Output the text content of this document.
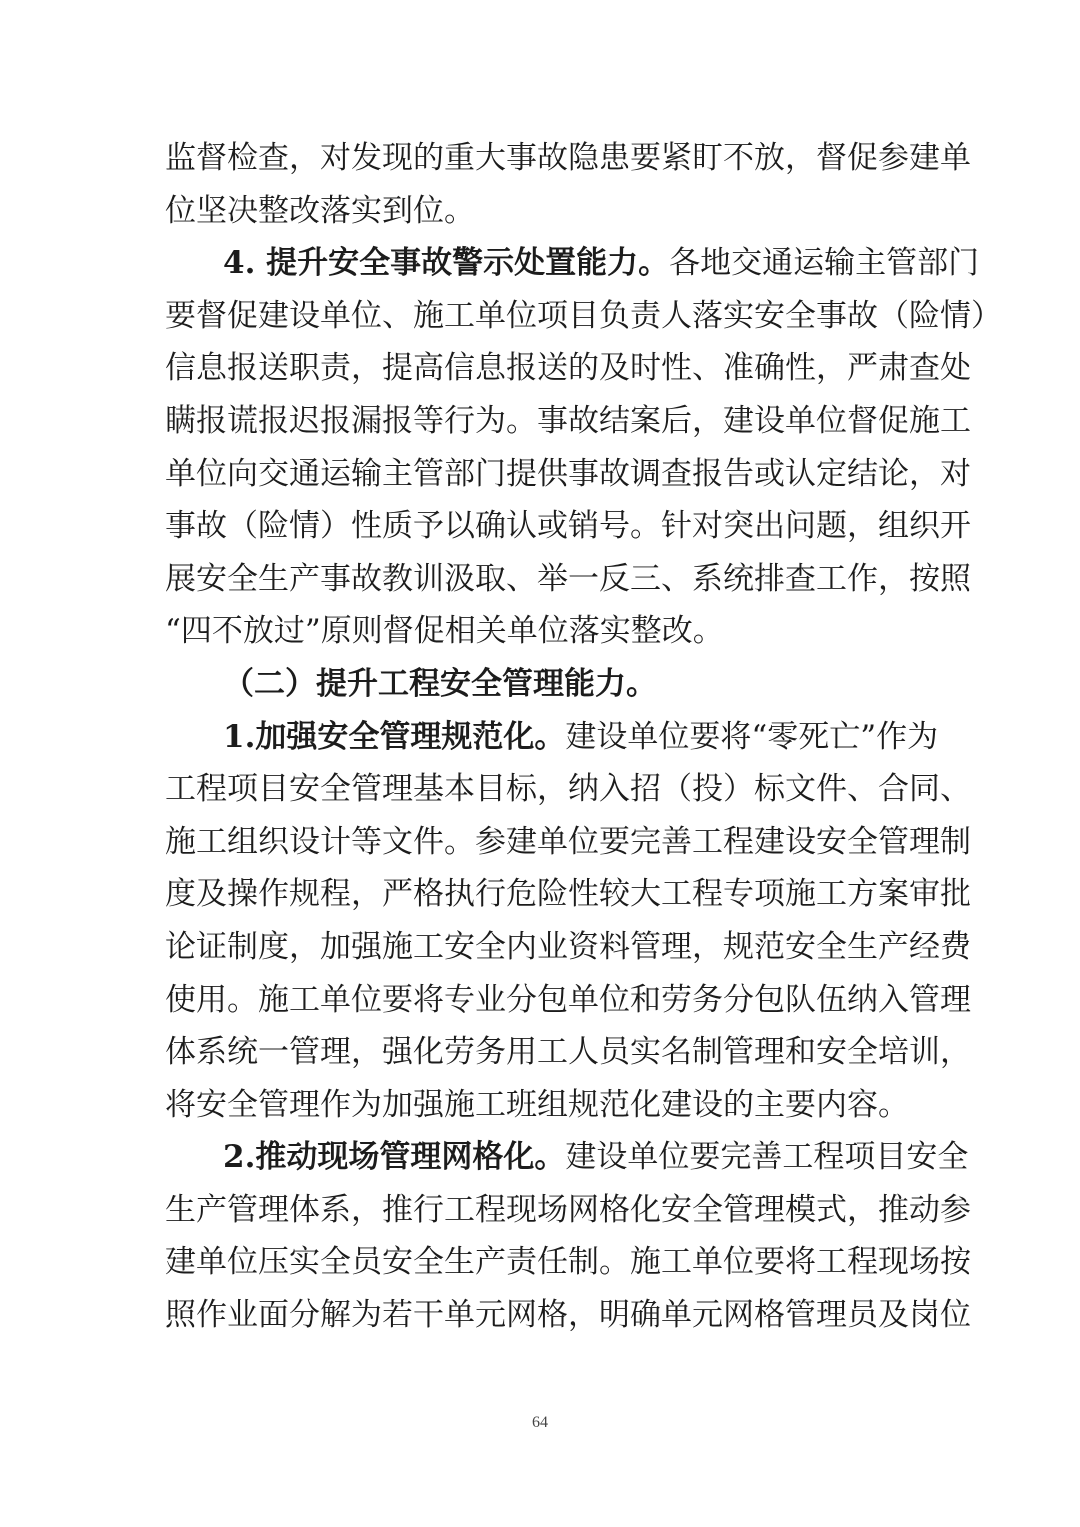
监督检查，对发现的重大事故隐患要紧盯不放，督促参建单
位坚决整改落实到位。
4. 提升安全事故警示处置能力。各地交通运输主管部门
要督促建设单位、施工单位项目负责人落实安全事故（险情）
信息报送职责，提高信息报送的及时性、准确性，严肃查处
瞒报谎报迟报漏报等行为。事故结案后，建设单位督促施工
单位向交通运输主管部门提供事故调查报告或认定结论，对
事故（险情）性质予以确认或销号。针对突出问题，组织开
展安全生产事故教训汲取、举一反三、系统排查工作，按照
“四不放过”原则督促相关单位落实整改。
（二）提升工程安全管理能力。
1.加强安全管理规范化。建设单位要将“零死亡”作为
工程项目安全管理基本目标，纳入招（投）标文件、合同、
施工组织设计等文件。参建单位要完善工程建设安全管理制
度及操作规程，严格执行危险性较大工程专项施工方案审批
论证制度，加强施工安全内业资料管理，规范安全生产经费
使用。施工单位要将专业分包单位和劳务分包队伍纳入管理
体系统一管理，强化劳务用工人员实名制管理和安全培训，
将安全管理作为加强施工班组规范化建设的主要内容。
2.推动现场管理网格化。建设单位要完善工程项目安全
生产管理体系，推行工程现场网格化安全管理模式，推动参
建单位压实全员安全生产责任制。施工单位要将工程现场按
照作业面分解为若干单元网格，明确单元网格管理员及岗位
64
